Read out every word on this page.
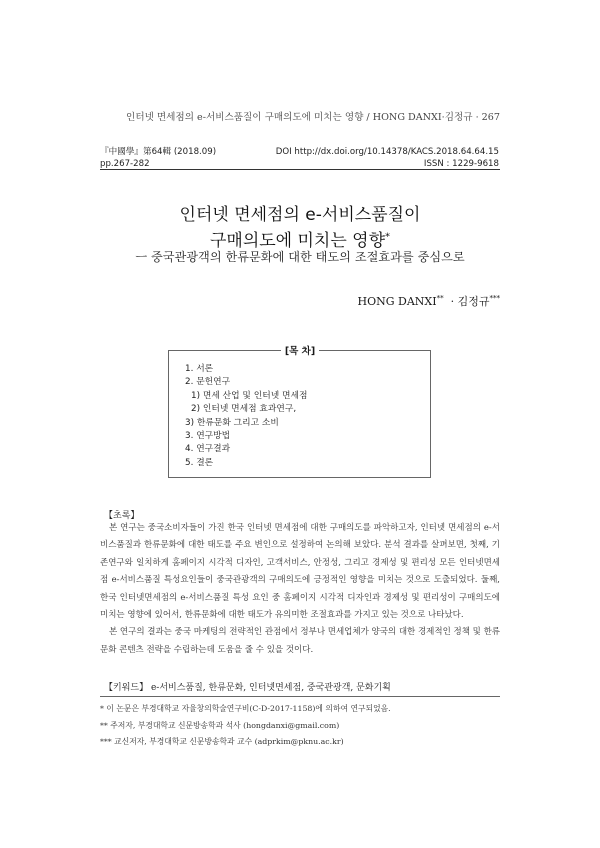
인터넷 면세점의 e-서비스품질이 구매의도에 미치는 영향 / HONG DANXI·김정규 · 267
『中國學』第64輯 (2018.09)
pp.267-282
DOI http://dx.doi.org/10.14378/KACS.2018.64.64.15
ISSN : 1229-9618
인터넷 면세점의 e-서비스품질이
구매의도에 미치는 영향*
ㅡ 중국관광객의 한류문화에 대한 태도의 조절효과를 중심으로
HONG DANXI**  · 김정규***
[목 차]
1. 서론
2. 문헌연구
1) 면세 산업 및 인터넷 면세점
2) 인터넷 면세점 효과연구,
3) 한류문화 그리고 소비
3. 연구방법
4. 연구결과
5. 결론
【초록】

본 연구는 중국소비자들이 가진 한국 인터넷 면세점에 대한 구매의도를 파악하고자, 인터넷 면세점의 e-서비스품질과 한류문화에 대한 태도를 주요 변인으로 설정하여 논의해 보았다. 분석 결과를 살펴보면, 첫째, 기존연구와 일치하게 홈페이지 시각적 디자인, 고객서비스, 안정성, 그리고 경제성 및 편리성 모든 인터넷면세점 e-서비스품질 특성요인들이 중국관광객의 구매의도에 긍정적인 영향을 미치는 것으로 도출되었다. 둘째, 한국 인터넷면세점의 e-서비스품질 특성 요인 중 홈페이지 시각적 디자인과 경제성 및 편리성이 구매의도에 미치는 영향에 있어서, 한류문화에 대한 태도가 유의미한 조절효과를 가지고 있는 것으로 나타났다.

본 연구의 결과는 중국 마케팅의 전략적인 관점에서 정부나 면세업체가 양국의 대한 경제적인 정책 및 한류문화 콘텐츠 전략을 수립하는데 도움을 줄 수 있을 것이다.

【키워드】 e-서비스품질, 한류문화, 인터넷면세점, 중국관광객, 문화기획
* 이 논문은 부경대학교 자율창의학술연구비(C-D-2017-1158)에 의하여 연구되었음.
** 주저자, 부경대학교 신문방송학과 석사 (hongdanxi@gmail.com)
*** 교신저자, 부경대학교 신문방송학과 교수 (adprkim@pknu.ac.kr)
